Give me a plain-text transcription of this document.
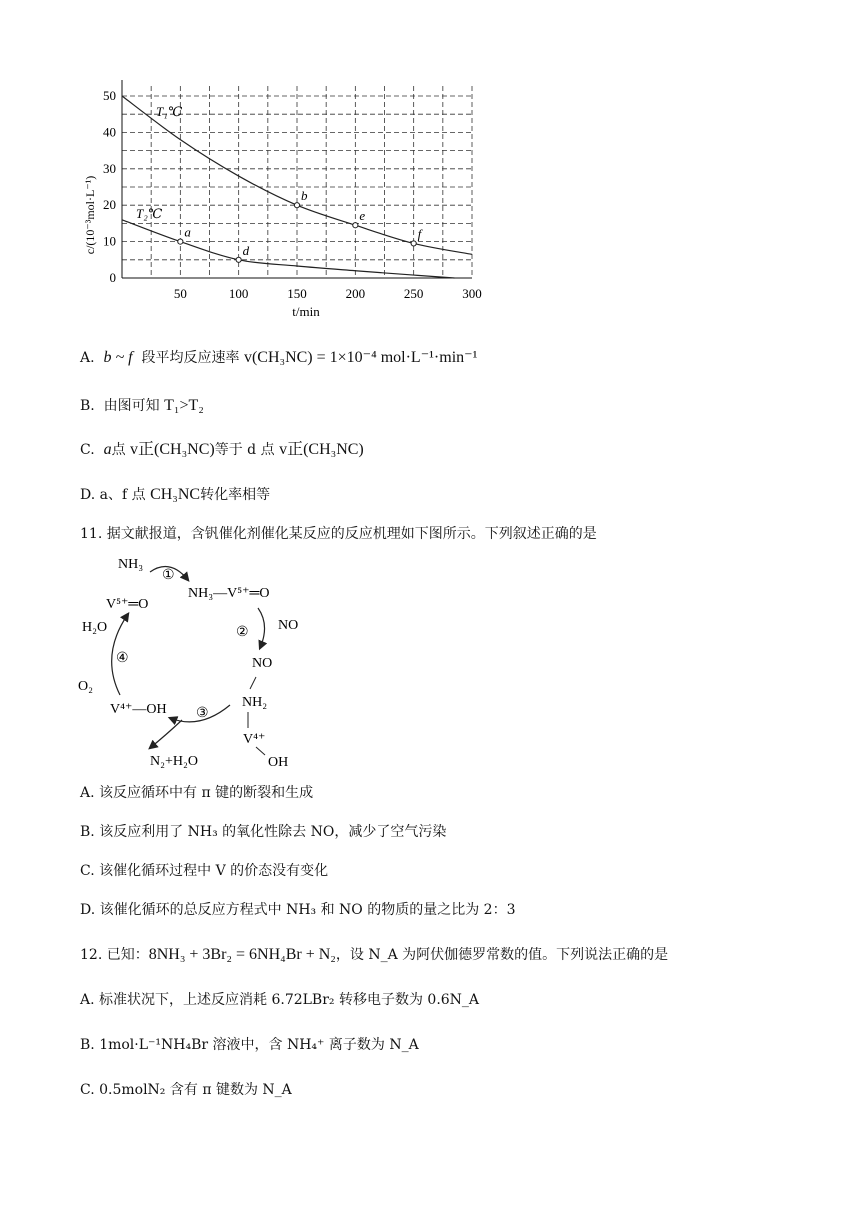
0
10
20
30
40
50
50	100	150	200	250	300
a
d
b
e
f
T₁℃
T₂℃
c/(10⁻³mol·L⁻¹)
t/min
A. b ~ f 段平均反应速率 v(CH₃NC) = 1×10⁻⁴ mol·L⁻¹·min⁻¹
B. 由图可知 T₁>T₂
C. a点 v正(CH₃NC)等于 d 点 v正(CH₃NC)
D. a、f 点 CH₃NC转化率相等
11. 据文献报道，含钒催化剂催化某反应的反应机理如下图所示。下列叙述正确的是
NH₃
①
NH₃—V⁵⁺═O
V⁵⁺═O
② NO
NO
NH₂
V⁴⁺
OH
③
V⁴⁺—OH
N₂+H₂O
④
O₂
H₂O
A. 该反应循环中有 π 键的断裂和生成
B. 该反应利用了 NH₃ 的氧化性除去 NO，减少了空气污染
C. 该催化循环过程中 V 的价态没有变化
D. 该催化循环的总反应方程式中 NH₃ 和 NO 的物质的量之比为 2：3
12. 已知：8NH₃ + 3Br₂ = 6NH₄Br + N₂，设 N_A 为阿伏伽德罗常数的值。下列说法正确的是
A. 标准状况下，上述反应消耗 6.72LBr₂ 转移电子数为 0.6N_A
B. 1mol·L⁻¹NH₄Br 溶液中，含 NH₄⁺ 离子数为 N_A
C. 0.5molN₂ 含有 π 键数为 N_A
